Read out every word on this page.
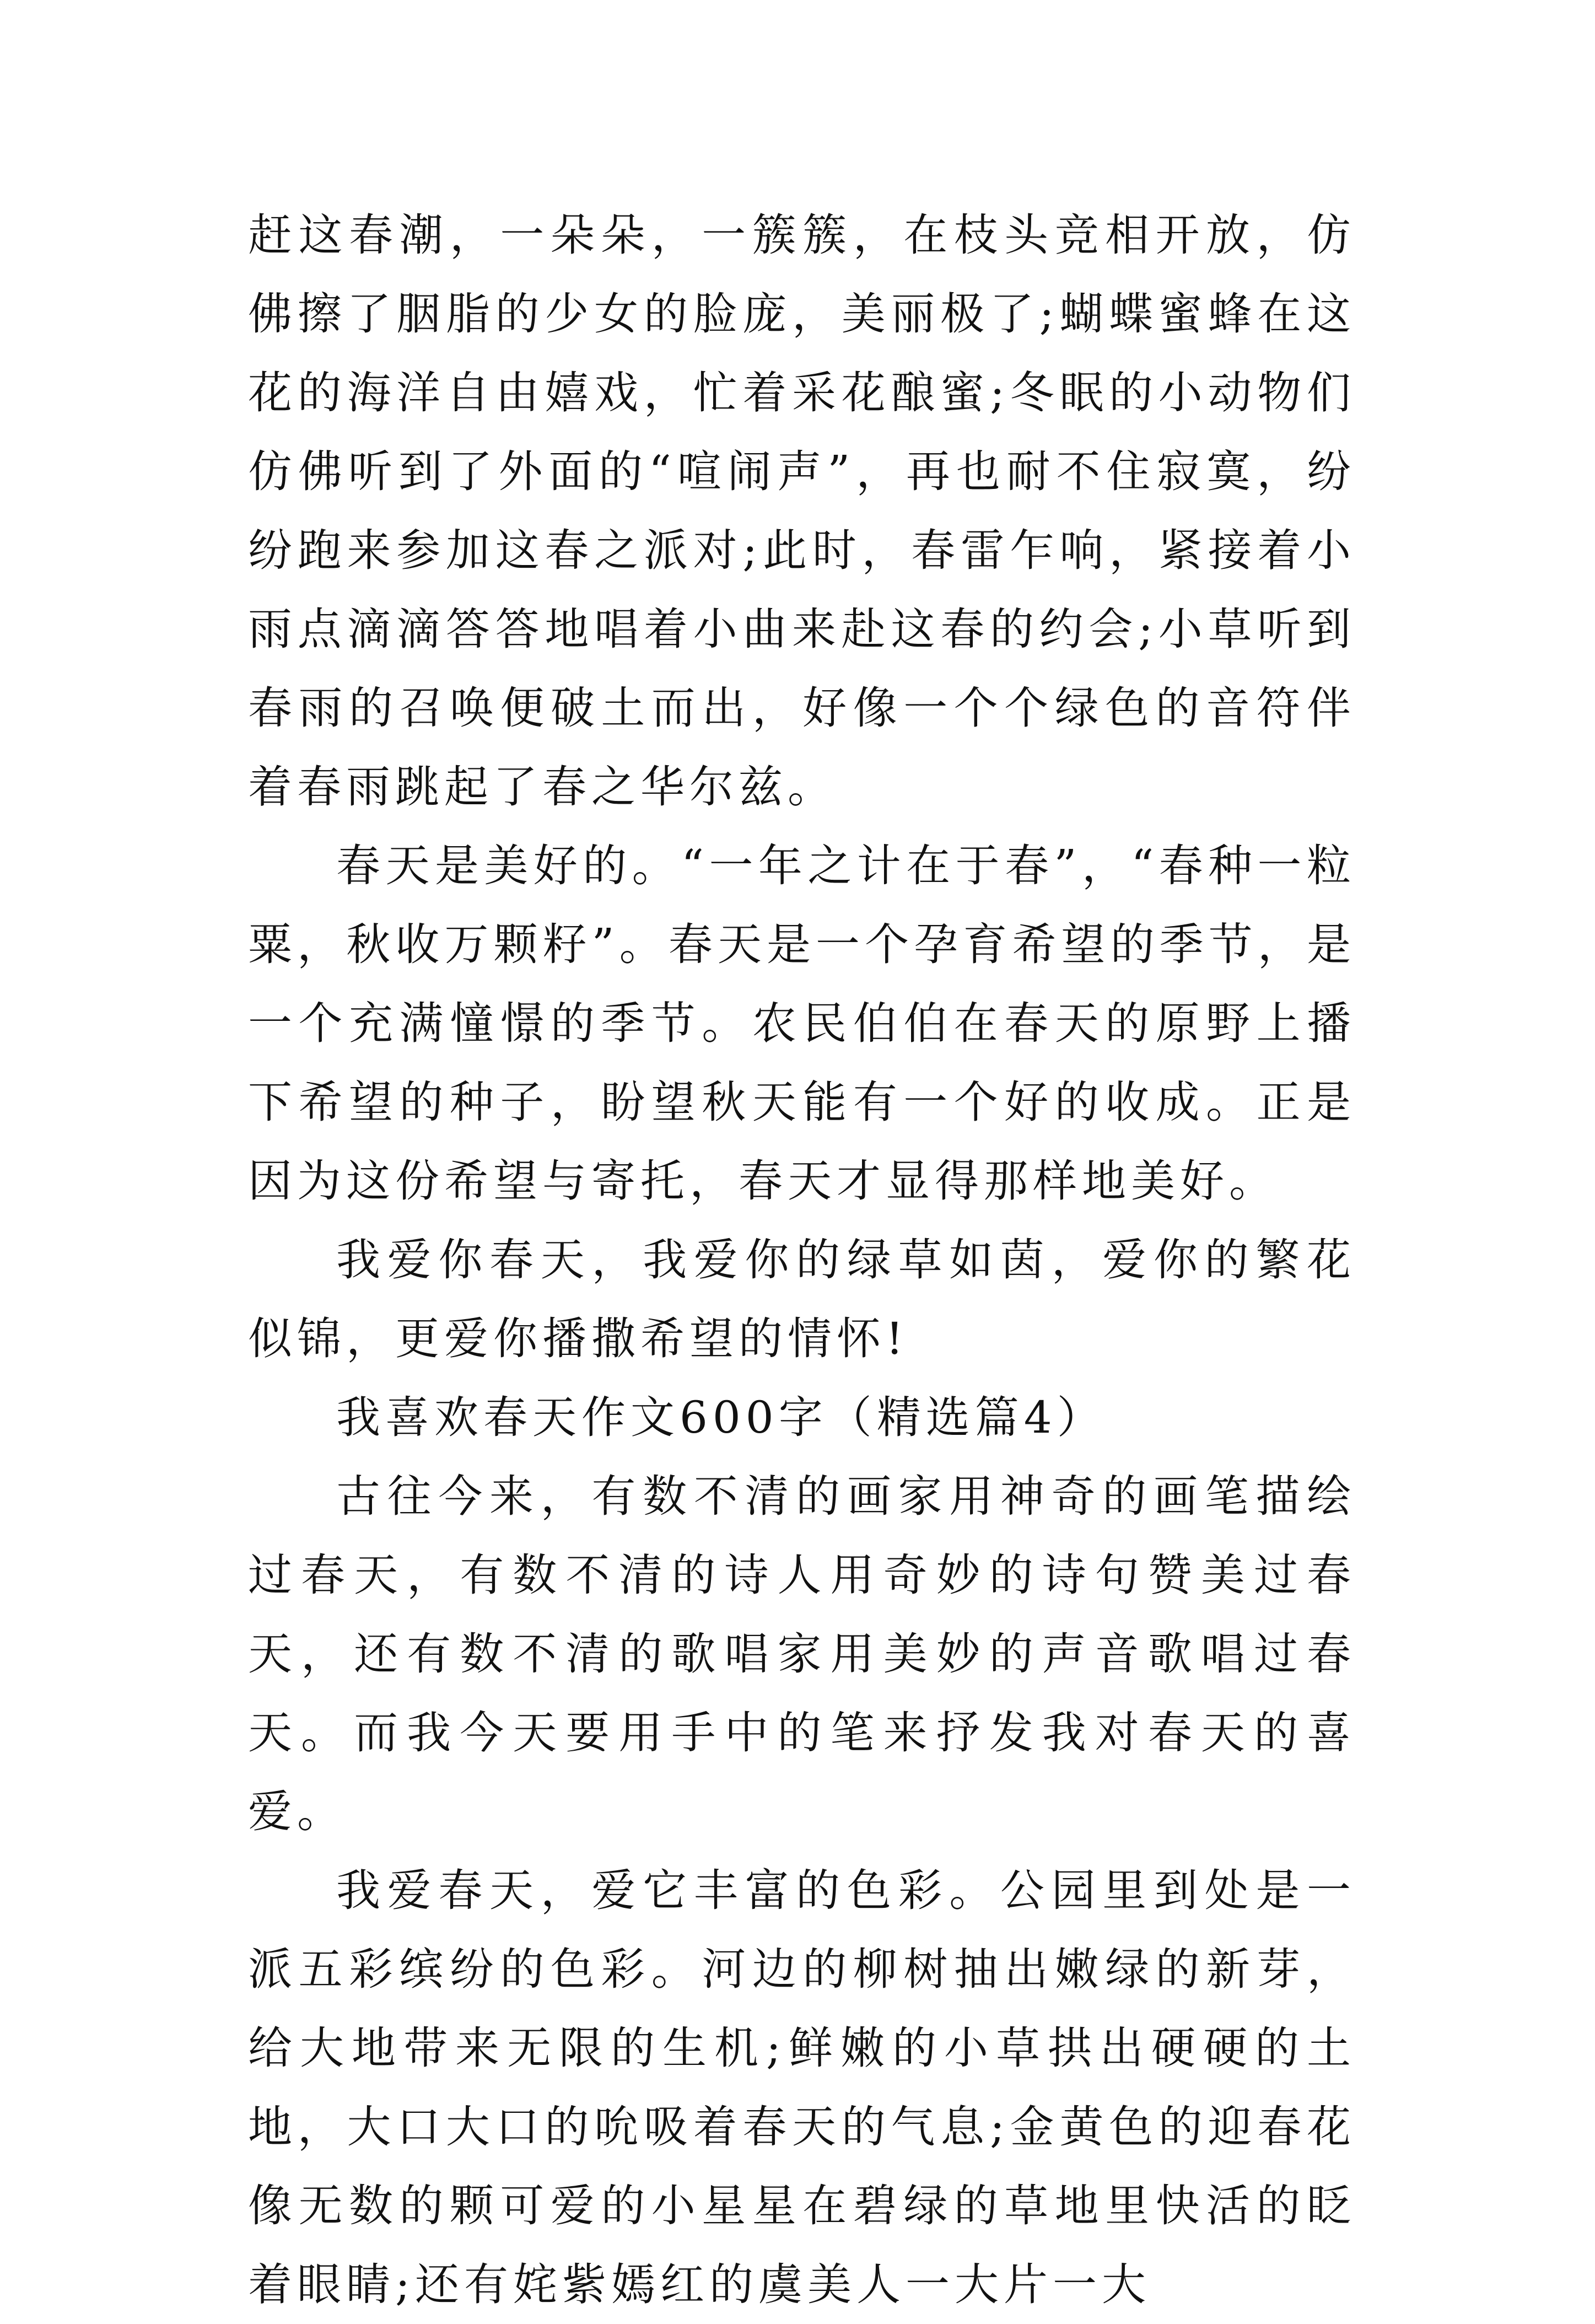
赶这春潮，一朵朵，一簇簇，在枝头竞相开放，仿佛擦了胭脂的少女的脸庞，美丽极了;蝴蝶蜜蜂在这花的海洋自由嬉戏，忙着采花酿蜜;冬眠的小动物们仿佛听到了外面的“喧闹声”，再也耐不住寂寞，纷纷跑来参加这春之派对;此时，春雷乍响，紧接着小雨点滴滴答答地唱着小曲来赴这春的约会;小草听到春雨的召唤便破土而出，好像一个个绿色的音符伴着春雨跳起了春之华尔兹。

春天是美好的。“一年之计在于春”，“春种一粒粟，秋收万颗籽”。春天是一个孕育希望的季节，是一个充满憧憬的季节。农民伯伯在春天的原野上播下希望的种子，盼望秋天能有一个好的收成。正是因为这份希望与寄托，春天才显得那样地美好。

我爱你春天，我爱你的绿草如茵，爱你的繁花似锦，更爱你播撒希望的情怀!

我喜欢春天作文600字（精选篇4）

古往今来，有数不清的画家用神奇的画笔描绘过春天，有数不清的诗人用奇妙的诗句赞美过春天，还有数不清的歌唱家用美妙的声音歌唱过春天。而我今天要用手中的笔来抒发我对春天的喜爱。

我爱春天，爱它丰富的色彩。公园里到处是一派五彩缤纷的色彩。河边的柳树抽出嫩绿的新芽，给大地带来无限的生机;鲜嫩的小草拱出硬硬的土地，大口大口的吮吸着春天的气息;金黄色的迎春花像无数的颗可爱的小星星在碧绿的草地里快活的眨着眼睛;还有姹紫嫣红的虞美人一大片一大
